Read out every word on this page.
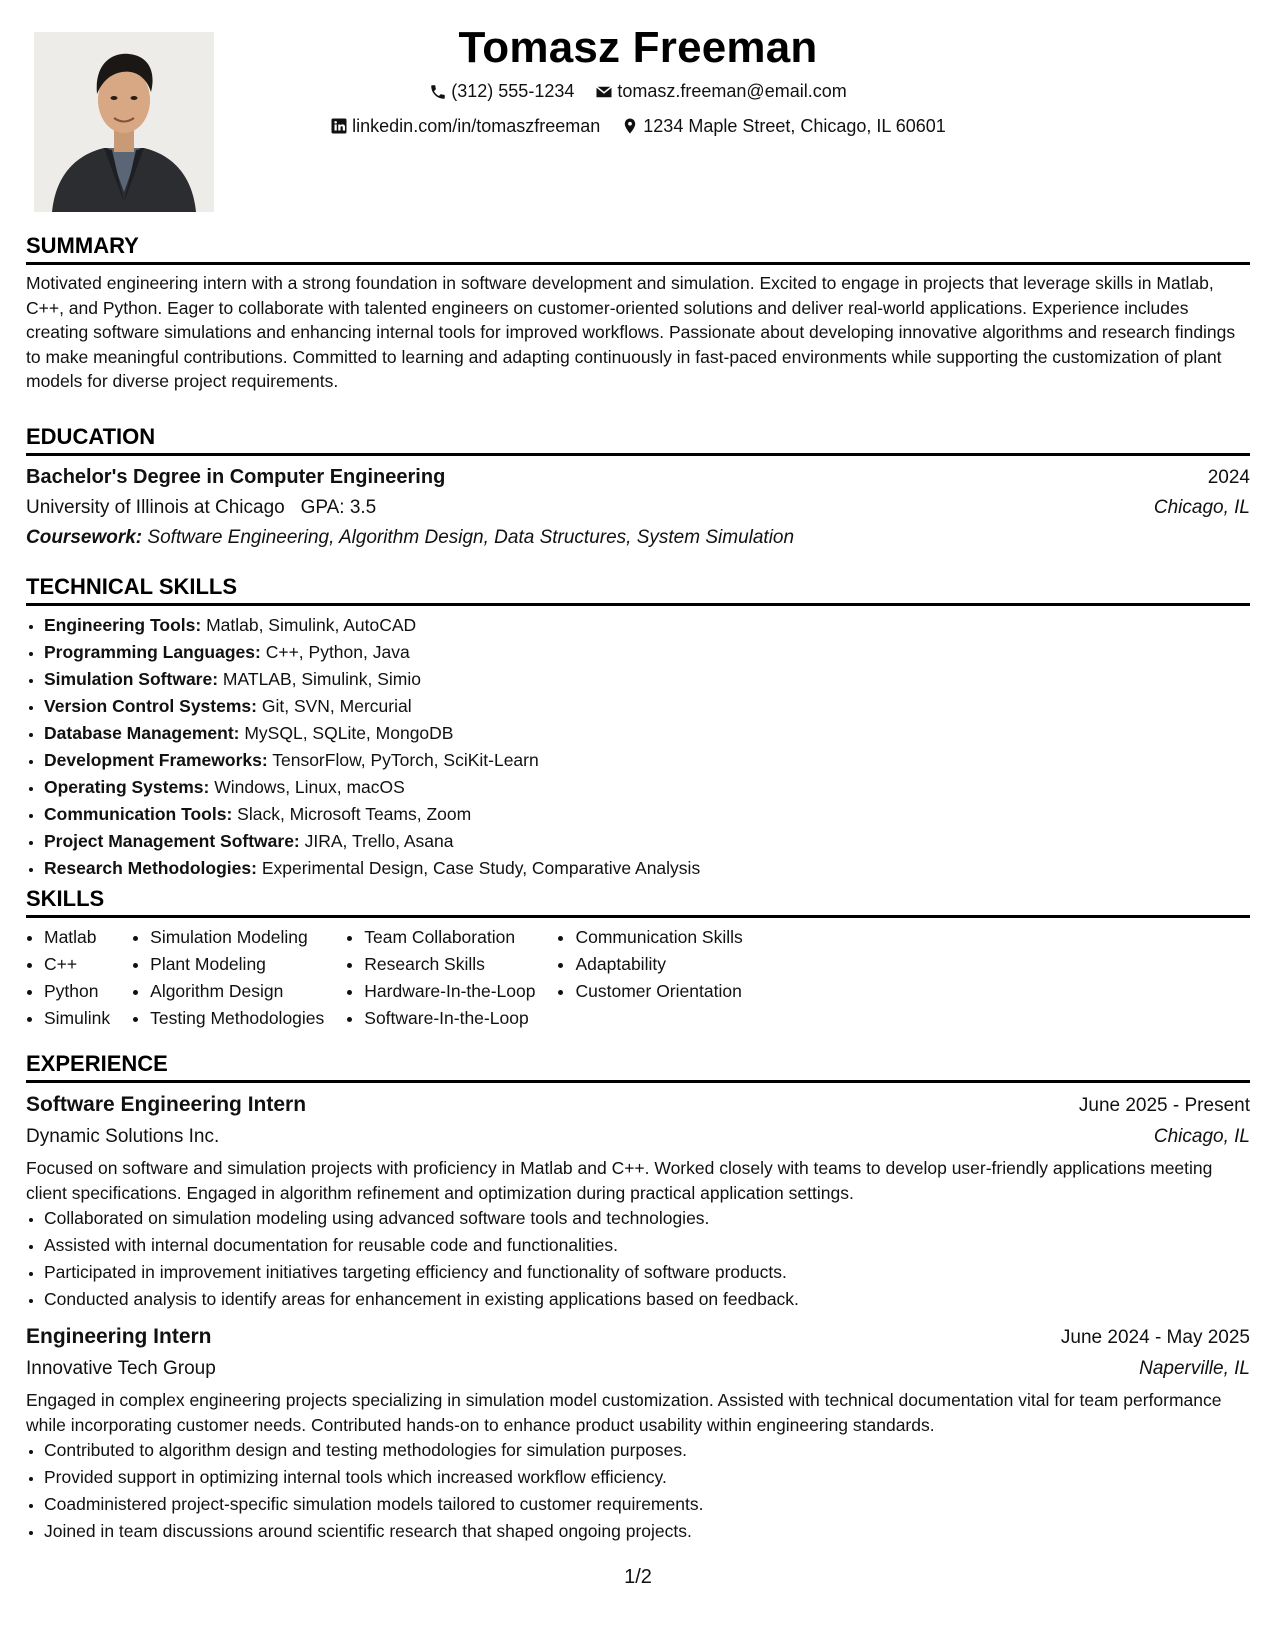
Tomasz Freeman
(312) 555-1234
tomasz.freeman@email.com
linkedin.com/in/tomaszfreeman
1234 Maple Street, Chicago, IL 60601
SUMMARY
Motivated engineering intern with a strong foundation in software development and simulation. Excited to engage in projects that leverage skills in Matlab, C++, and Python. Eager to collaborate with talented engineers on customer-oriented solutions and deliver real-world applications. Experience includes creating software simulations and enhancing internal tools for improved workflows. Passionate about developing innovative algorithms and research findings to make meaningful contributions. Committed to learning and adapting continuously in fast-paced environments while supporting the customization of plant models for diverse project requirements.
EDUCATION
Bachelor's Degree in Computer Engineering	2024
University of Illinois at Chicago GPA: 3.5	Chicago, IL
Coursework: Software Engineering, Algorithm Design, Data Structures, System Simulation
TECHNICAL SKILLS
• Engineering Tools: Matlab, Simulink, AutoCAD
• Programming Languages: C++, Python, Java
• Simulation Software: MATLAB, Simulink, Simio
• Version Control Systems: Git, SVN, Mercurial
• Database Management: MySQL, SQLite, MongoDB
• Development Frameworks: TensorFlow, PyTorch, SciKit-Learn
• Operating Systems: Windows, Linux, macOS
• Communication Tools: Slack, Microsoft Teams, Zoom
• Project Management Software: JIRA, Trello, Asana
• Research Methodologies: Experimental Design, Case Study, Comparative Analysis
SKILLS
• Matlab
• C++
• Python
• Simulink
• Simulation Modeling
• Plant Modeling
• Algorithm Design
• Testing Methodologies
• Team Collaboration
• Research Skills
• Hardware-In-the-Loop
• Software-In-the-Loop
• Communication Skills
• Adaptability
• Customer Orientation
EXPERIENCE
Software Engineering Intern	June 2025 - Present
Dynamic Solutions Inc.	Chicago, IL
Focused on software and simulation projects with proficiency in Matlab and C++. Worked closely with teams to develop user-friendly applications meeting client specifications. Engaged in algorithm refinement and optimization during practical application settings.
• Collaborated on simulation modeling using advanced software tools and technologies.
• Assisted with internal documentation for reusable code and functionalities.
• Participated in improvement initiatives targeting efficiency and functionality of software products.
• Conducted analysis to identify areas for enhancement in existing applications based on feedback.
Engineering Intern	June 2024 - May 2025
Innovative Tech Group	Naperville, IL
Engaged in complex engineering projects specializing in simulation model customization. Assisted with technical documentation vital for team performance while incorporating customer needs. Contributed hands-on to enhance product usability within engineering standards.
• Contributed to algorithm design and testing methodologies for simulation purposes.
• Provided support in optimizing internal tools which increased workflow efficiency.
• Coadministered project-specific simulation models tailored to customer requirements.
• Joined in team discussions around scientific research that shaped ongoing projects.
1/2
